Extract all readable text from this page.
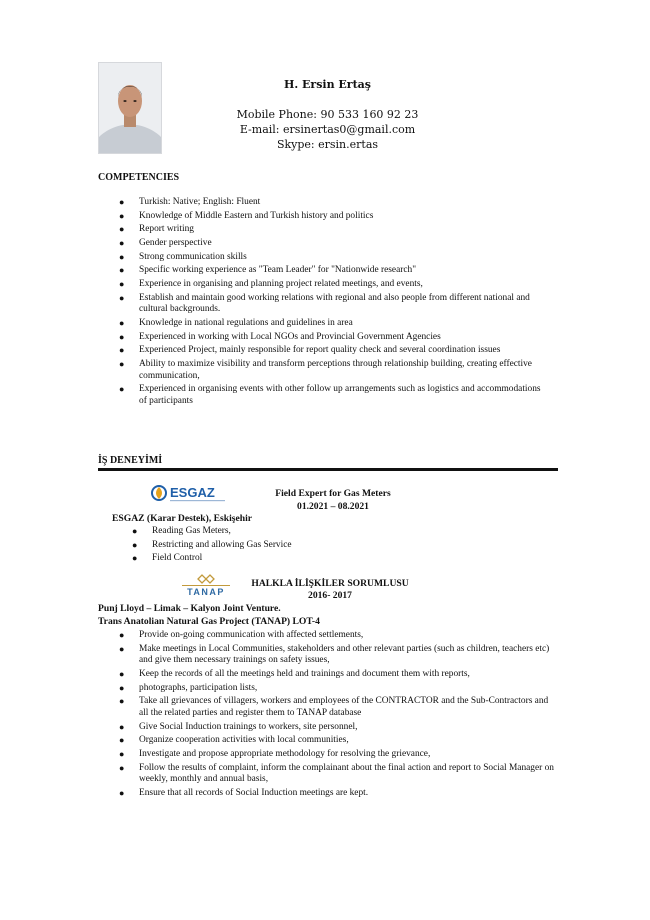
H. Ersin Ertaş
Mobile Phone: 90 533 160 92 23
E-mail: ersinertas0@gmail.com
Skype: ersin.ertas
COMPETENCIES
● Turkish: Native; English: Fluent
● Knowledge of Middle Eastern and Turkish history and politics
● Report writing
● Gender perspective
● Strong communication skills
● Specific working experience as "Team Leader" for "Nationwide research"
● Experience in organising and planning project related meetings, and events,
● Establish and maintain good working relations with regional and also people from different national and cultural backgrounds.
● Knowledge in national regulations and guidelines in area
● Experienced in working with Local NGOs and Provincial Government Agencies
● Experienced Project, mainly responsible for report quality check and several coordination issues
● Ability to maximize visibility and transform perceptions through relationship building, creating effective communication,
● Experienced in organising events with other follow up arrangements such as logistics and accommodations of participants
İŞ DENEYİMİ
ESGAZ	Field Expert for Gas Meters
01.2021 – 08.2021
ESGAZ (Karar Destek), Eskişehir
● Reading Gas Meters,
● Restricting and allowing Gas Service
● Field Control
TANAP
HALKLA İLİŞKİLER SORUMLUSU
2016- 2017
Punj Lloyd – Limak – Kalyon Joint Venture.
Trans Anatolian Natural Gas Project (TANAP) LOT-4
● Provide on-going communication with affected settlements,
● Make meetings in Local Communities, stakeholders and other relevant parties (such as children, teachers etc) and give them necessary trainings on safety issues,
● Keep the records of all the meetings held and trainings and document them with reports,
● photographs, participation lists,
● Take all grievances of villagers, workers and employees of the CONTRACTOR and the Sub-Contractors and all the related parties and register them to TANAP database
● Give Social Induction trainings to workers, site personnel,
● Organize cooperation activities with local communities,
● Investigate and propose appropriate methodology for resolving the grievance,
● Follow the results of complaint, inform the complainant about the final action and report to Social Manager on weekly, monthly and annual basis,
● Ensure that all records of Social Induction meetings are kept.
